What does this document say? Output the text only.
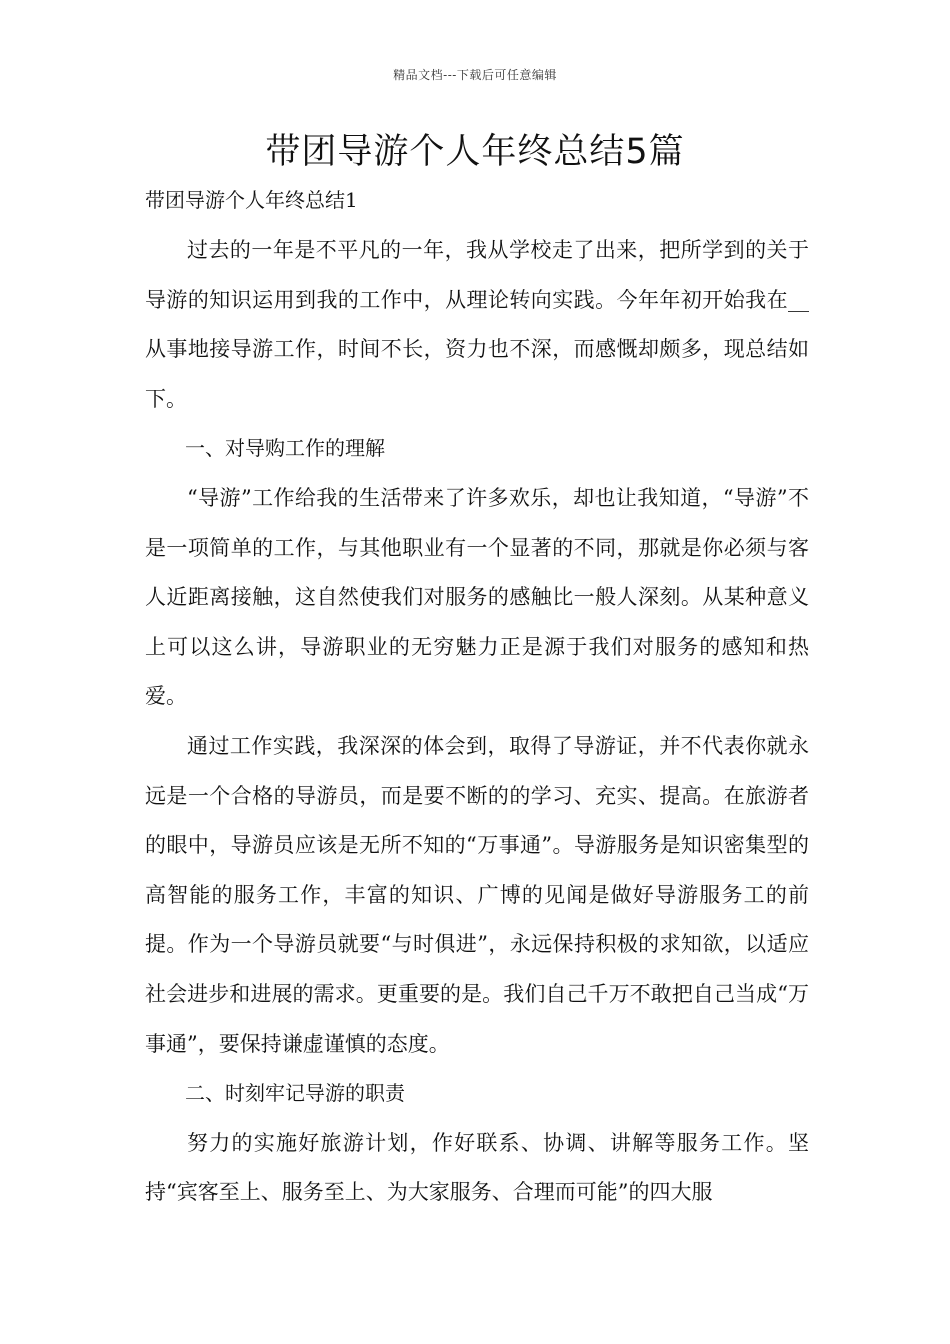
精品文档---下载后可任意编辑
带团导游个人年终总结5篇
带团导游个人年终总结1

过去的一年是不平凡的一年，我从学校走了出来，把所学到的关于导游的知识运用到我的工作中，从理论转向实践。今年年初开始我在__从事地接导游工作，时间不长，资力也不深，而感慨却颇多，现总结如下。

一、对导购工作的理解

“导游”工作给我的生活带来了许多欢乐，却也让我知道，“导游”不是一项简单的工作，与其他职业有一个显著的不同，那就是你必须与客人近距离接触，这自然使我们对服务的感触比一般人深刻。从某种意义上可以这么讲，导游职业的无穷魅力正是源于我们对服务的感知和热爱。

通过工作实践，我深深的体会到，取得了导游证，并不代表你就永远是一个合格的导游员，而是要不断的的学习、充实、提高。在旅游者的眼中，导游员应该是无所不知的“万事通”。导游服务是知识密集型的高智能的服务工作，丰富的知识、广博的见闻是做好导游服务工的前提。作为一个导游员就要“与时俱进”，永远保持积极的求知欲，以适应社会进步和进展的需求。更重要的是。我们自己千万不敢把自己当成“万事通”，要保持谦虚谨慎的态度。

二、时刻牢记导游的职责

努力的实施好旅游计划，作好联系、协调、讲解等服务工作。坚持“宾客至上、服务至上、为大家服务、合理而可能”的四大服
